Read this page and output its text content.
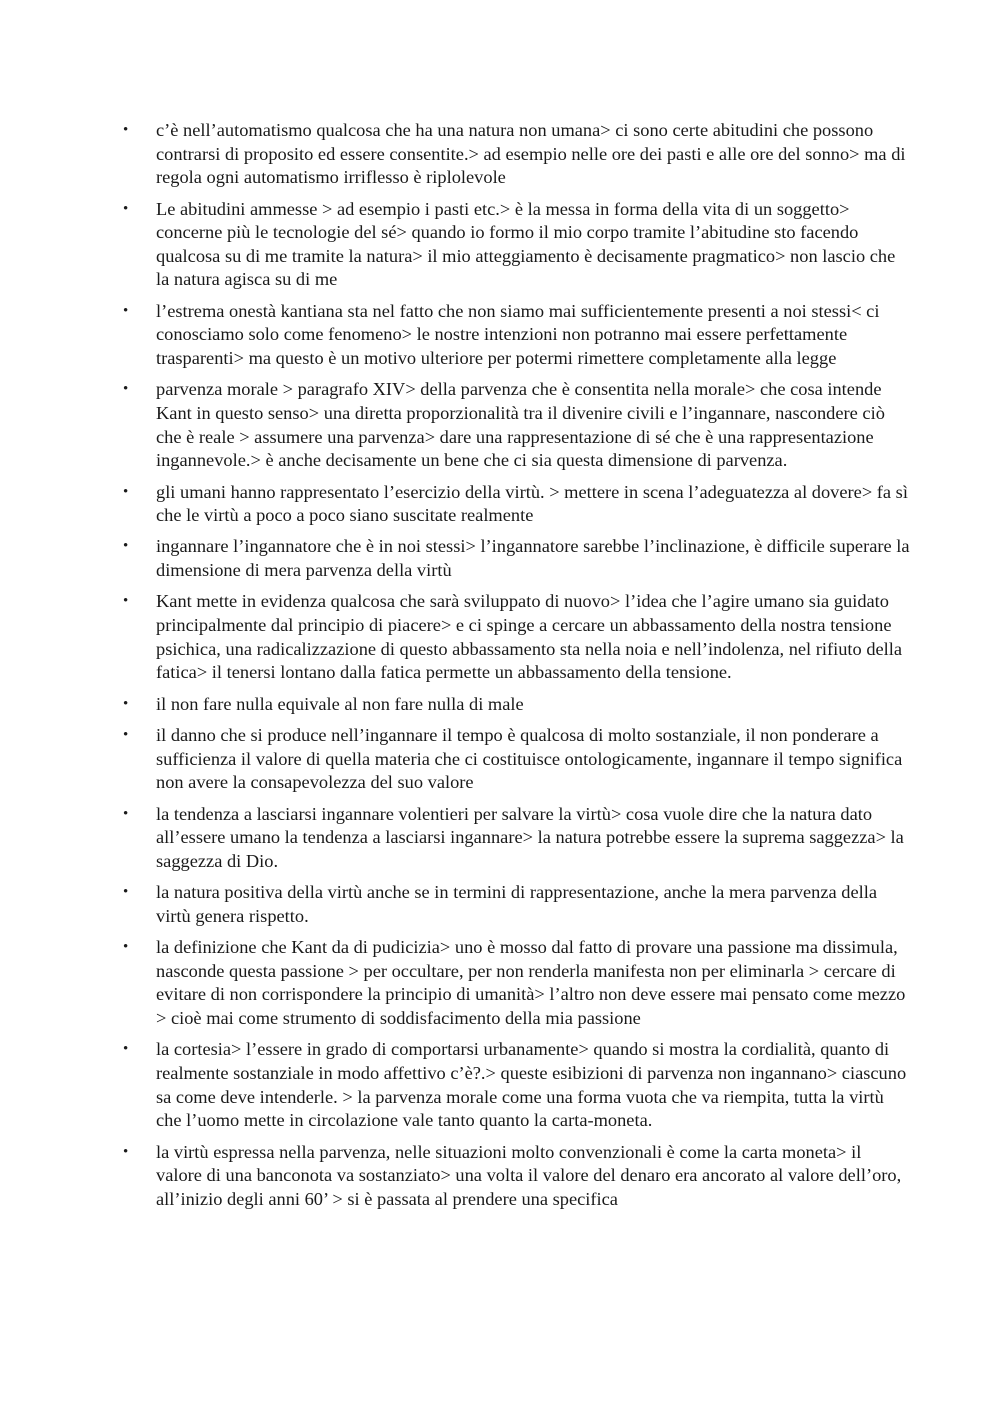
• c’è nell’automatismo qualcosa che ha una natura non umana> ci sono certe abitudini che possono contrarsi di proposito ed essere consentite.> ad esempio nelle ore dei pasti e alle ore del sonno> ma di regola ogni automatismo irriflesso è riplolevole
• Le abitudini ammesse > ad esempio i pasti etc.> è la messa in forma della vita di un soggetto> concerne più le tecnologie del sé> quando io formo il mio corpo tramite l’abitudine sto facendo qualcosa su di me tramite la natura> il mio atteggiamento è decisamente pragmatico> non lascio che la natura agisca su di me
• l’estrema onestà kantiana sta nel fatto che non siamo mai sufficientemente presenti a noi stessi< ci conosciamo solo come fenomeno> le nostre intenzioni non potranno mai essere perfettamente trasparenti> ma questo è un motivo ulteriore per potermi rimettere completamente alla legge
• parvenza morale > paragrafo XIV> della parvenza che è consentita nella morale> che cosa intende Kant in questo senso> una diretta proporzionalità tra il divenire civili e l’ingannare, nascondere ciò che è reale > assumere una parvenza> dare una rappresentazione di sé che è una rappresentazione ingannevole.> è anche decisamente un bene che ci sia questa dimensione di parvenza.
• gli umani hanno rappresentato l’esercizio della virtù. > mettere in scena l’adeguatezza al dovere> fa sì che le virtù a poco a poco siano suscitate realmente
• ingannare l’ingannatore che è in noi stessi> l’ingannatore sarebbe l’inclinazione, è difficile superare la dimensione di mera parvenza della virtù
• Kant mette in evidenza qualcosa che sarà sviluppato di nuovo> l’idea che l’agire umano sia guidato principalmente dal principio di piacere> e ci spinge a cercare un abbassamento della nostra tensione psichica, una radicalizzazione di questo abbassamento sta nella noia e nell’indolenza, nel rifiuto della fatica> il tenersi lontano dalla fatica permette un abbassamento della tensione.
• il non fare nulla equivale al non fare nulla di male
• il danno che si produce nell’ingannare il tempo è qualcosa di molto sostanziale, il non ponderare a sufficienza il valore di quella materia che ci costituisce ontologicamente, ingannare il tempo significa non avere la consapevolezza del suo valore
• la tendenza a lasciarsi ingannare volentieri per salvare la virtù> cosa vuole dire che la natura dato all’essere umano la tendenza a lasciarsi ingannare> la natura potrebbe essere la suprema saggezza> la saggezza di Dio.
• la natura positiva della virtù anche se in termini di rappresentazione, anche la mera parvenza della virtù genera rispetto.
• la definizione che Kant da di pudicizia> uno è mosso dal fatto di provare una passione ma dissimula, nasconde questa passione > per occultare, per non renderla manifesta non per eliminarla > cercare di evitare di non corrispondere la principio di umanità> l’altro non deve essere mai pensato come mezzo > cioè mai come strumento di soddisfacimento della mia passione
• la cortesia> l’essere in grado di comportarsi urbanamente> quando si mostra la cordialità, quanto di realmente sostanziale in modo affettivo c’è?.> queste esibizioni di parvenza non ingannano> ciascuno sa come deve intenderle. > la parvenza morale come una forma vuota che va riempita, tutta la virtù che l’uomo mette in circolazione vale tanto quanto la carta-moneta.
• la virtù espressa nella parvenza, nelle situazioni molto convenzionali è come la carta moneta> il valore di una banconota va sostanziato> una volta il valore del denaro era ancorato al valore dell’oro, all’inizio degli anni 60’ > si è passata al prendere una specifica
